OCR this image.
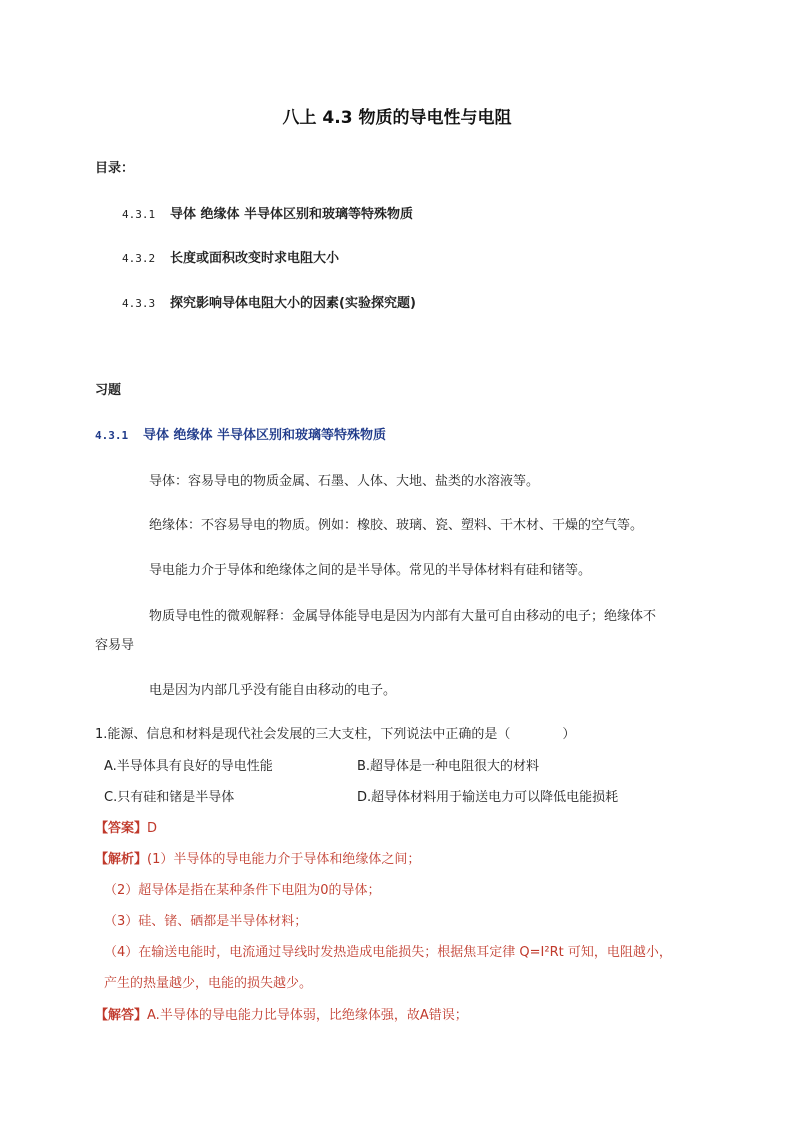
八上 4.3 物质的导电性与电阻
目录：
4.3.1 导体 绝缘体 半导体区别和玻璃等特殊物质
4.3.2 长度或面积改变时求电阻大小
4.3.3 探究影响导体电阻大小的因素(实验探究题)
习题
4.3.1 导体 绝缘体 半导体区别和玻璃等特殊物质
导体：容易导电的物质金属、石墨、人体、大地、盐类的水溶液等。
绝缘体：不容易导电的物质。例如：橡胶、玻璃、瓷、塑料、干木材、干燥的空气等。
导电能力介于导体和绝缘体之间的是半导体。常见的半导体材料有硅和锗等。
物质导电性的微观解释：金属导体能导电是因为内部有大量可自由移动的电子；绝缘体不
容易导
电是因为内部几乎没有能自由移动的电子。
1.能源、信息和材料是现代社会发展的三大支柱，下列说法中正确的是（　　　　）
A.半导体具有良好的导电性能	B.超导体是一种电阻很大的材料
C.只有硅和锗是半导体	D.超导体材料用于输送电力可以降低电能损耗
【答案】D
【解析】(1）半导体的导电能力介于导体和绝缘体之间；
（2）超导体是指在某种条件下电阻为0的导体；
（3）硅、锗、硒都是半导体材料；
（4）在输送电能时，电流通过导线时发热造成电能损失；根据焦耳定律 Q=I²Rt 可知，电阻越小，
产生的热量越少，电能的损失越少。
【解答】A.半导体的导电能力比导体弱，比绝缘体强，故A错误；
